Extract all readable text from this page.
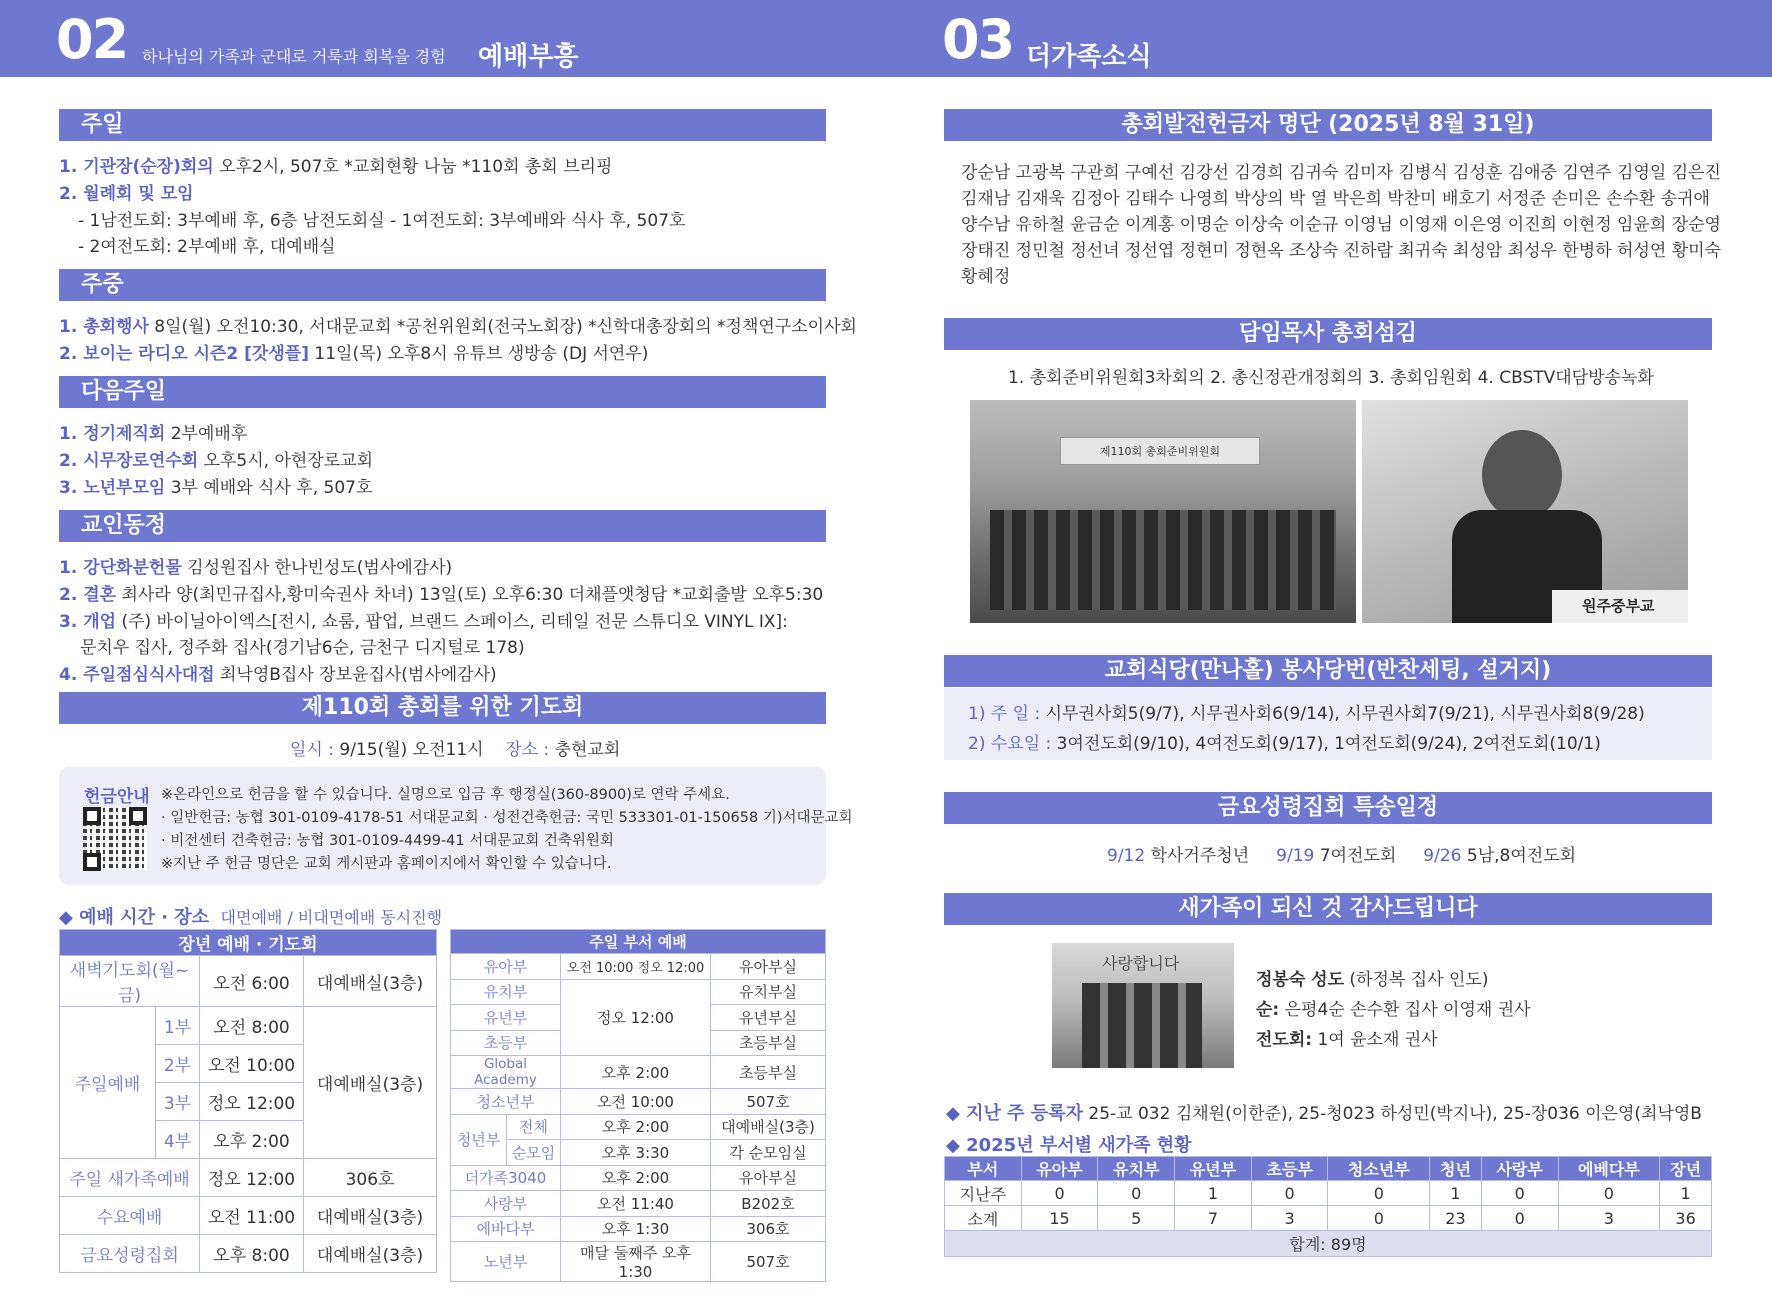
02 하나님의 가족과 군대로 거룩과 회복을 경험 예배부흥	03 더가족소식
주일
1. 기관장(순장)회의 오후2시, 507호 *교회현황 나눔 *110회 총회 브리핑
2. 월례회 및 모임
- 1남전도회: 3부예배 후, 6층 남전도회실 - 1여전도회: 3부예배와 식사 후, 507호
- 2여전도회: 2부예배 후, 대예배실
주중
1. 총회행사 8일(월) 오전10:30, 서대문교회 *공천위원회(전국노회장) *신학대총장회의 *정책연구소이사회
2. 보이는 라디오 시즌2 [갓생플] 11일(목) 오후8시 유튜브 생방송 (DJ 서연우)
다음주일
1. 정기제직회 2부예배후
2. 시무장로연수회 오후5시, 아현장로교회
3. 노년부모임 3부 예배와 식사 후, 507호
교인동정
1. 강단화분헌물 김성원집사 한나빈성도(범사에감사)
2. 결혼 최사라 양(최민규집사,황미숙권사 차녀) 13일(토) 오후6:30 더채플앳청담 *교회출발 오후5:30
3. 개업 (주) 바이닐아이엑스[전시, 쇼룸, 팝업, 브랜드 스페이스, 리테일 전문 스튜디오 VINYL IX]:
문치우 집사, 정주화 집사(경기남6순, 금천구 디지털로 178)
4. 주일점심식사대접 최낙영B집사 장보윤집사(범사에감사)
제110회 총회를 위한 기도회
일시 : 9/15(월) 오전11시 장소 : 충현교회
헌금안내 ※온라인으로 헌금을 할 수 있습니다. 실명으로 입금 후 행정실(360-8900)로 연락 주세요.
· 일반헌금: 농협 301-0109-4178-51 서대문교회 · 성전건축헌금: 국민 533301-01-150658 기)서대문교회
· 비전센터 건축헌금: 농협 301-0109-4499-41 서대문교회 건축위원회
※지난 주 헌금 명단은 교회 게시판과 홈페이지에서 확인할 수 있습니다.
◆ 예배 시간 · 장소 대면예배 / 비대면예배 동시진행
장년 예배 · 기도회			
새벽기도회(월~금)		오전 6:00	대예배실(3층)
주일예배	1부	오전 8:00	대예배실(3층)
	2부	오전 10:00	
	3부	정오 12:00	
	4부	오후 2:00	
주일 새가족예배		정오 12:00	306호
수요예배		오전 11:00	대예배실(3층)
금요성령집회		오후 8:00	대예배실(3층)
주일 부서 예배			
유아부		오전 10:00 정오 12:00	유아부실
유치부		정오 12:00	유치부실
유년부			유년부실
초등부			초등부실
Global Academy		오후 2:00	초등부실
청소년부		오전 10:00	507호
청년부	전체	오후 2:00	대예배실(3층)
	순모임	오후 3:30	각 순모임실
더가족3040		오후 2:00	유아부실
사랑부		오전 11:40	B202호
에바다부		오후 1:30	306호
노년부		매달 둘째주 오후 1:30	507호
총회발전헌금자 명단 (2025년 8월 31일)
강순남 고광복 구관희 구예선 김강선 김경희 김귀숙 김미자 김병식 김성훈 김애중 김연주 김영일 김은진
김재남 김재욱 김정아 김태수 나영희 박상의 박 열 박은희 박찬미 배호기 서정준 손미은 손수환 송귀애
양수남 유하철 윤금순 이계홍 이명순 이상숙 이순규 이영님 이영재 이은영 이진희 이현정 임윤희 장순영
장태진 정민철 정선녀 정선엽 정현미 정현옥 조상숙 진하람 최귀숙 최성암 최성우 한병하 허성연 황미숙
황혜정
담임목사 총회섬김
1. 총회준비위원회3차회의 2. 총신정관개정회의 3. 총회임원회 4. CBSTV대담방송녹화
제110회 총회준비위원회
원주중부교
교회식당(만나홀) 봉사당번(반찬세팅, 설거지)
1) 주 일 : 시무권사회5(9/7), 시무권사회6(9/14), 시무권사회7(9/21), 시무권사회8(9/28)
2) 수요일 : 3여전도회(9/10), 4여전도회(9/17), 1여전도회(9/24), 2여전도회(10/1)
금요성령집회 특송일정
9/12 학사거주청년 9/19 7여전도회 9/26 5남,8여전도회
새가족이 되신 것 감사드립니다
사랑합니다
정봉숙 성도 (하정복 집사 인도)
순: 은평4순 손수환 집사 이영재 권사
전도회: 1여 윤소재 권사
◆ 지난 주 등록자 25-교 032 김채원(이한준), 25-청023 하성민(박지나), 25-장036 이은영(최낙영B
◆ 2025년 부서별 새가족 현황
부서	유아부	유치부	유년부	초등부	청소년부	청년	사랑부	에베다부	장년
지난주	0	0	1	0	0	1	0	0	1
소계	15	5	7	3	0	23	0	3	36
합계: 89명									
